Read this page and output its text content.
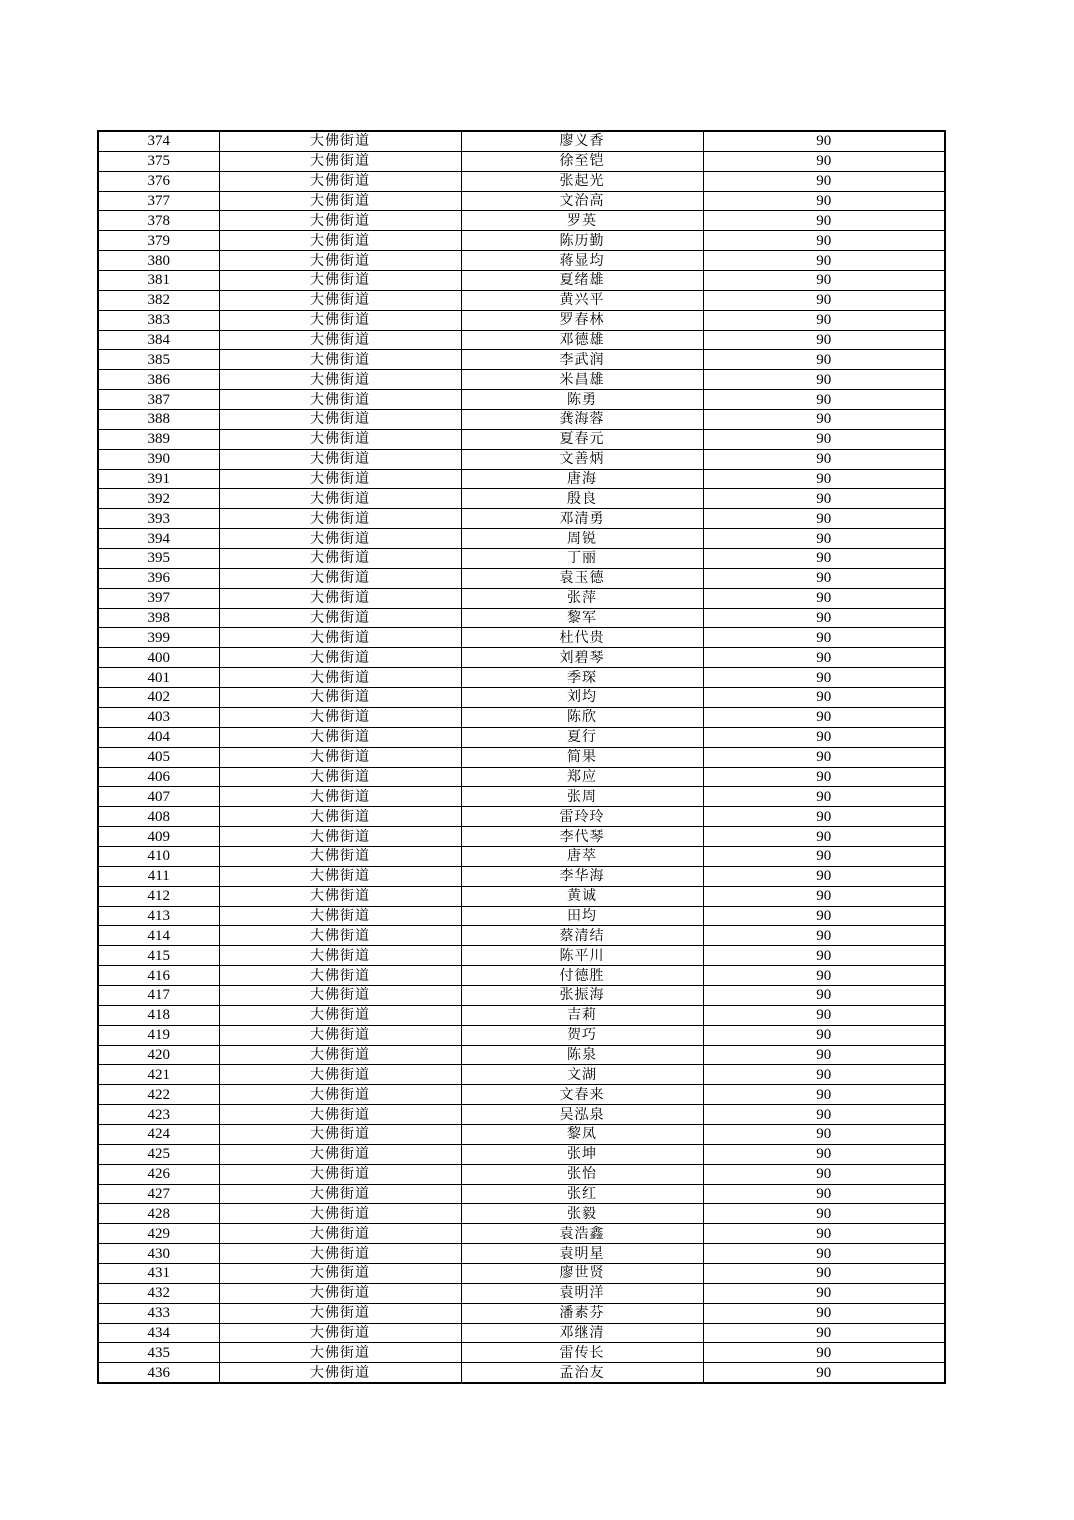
374	大佛街道	廖义香	90
375	大佛街道	徐至铠	90
376	大佛街道	张起光	90
377	大佛街道	文治高	90
378	大佛街道	罗英	90
379	大佛街道	陈历勤	90
380	大佛街道	蒋显均	90
381	大佛街道	夏绪雄	90
382	大佛街道	黄兴平	90
383	大佛街道	罗春林	90
384	大佛街道	邓德雄	90
385	大佛街道	李武润	90
386	大佛街道	米昌雄	90
387	大佛街道	陈勇	90
388	大佛街道	龚海蓉	90
389	大佛街道	夏春元	90
390	大佛街道	文善炳	90
391	大佛街道	唐海	90
392	大佛街道	殷良	90
393	大佛街道	邓清勇	90
394	大佛街道	周锐	90
395	大佛街道	丁丽	90
396	大佛街道	袁玉德	90
397	大佛街道	张萍	90
398	大佛街道	黎军	90
399	大佛街道	杜代贵	90
400	大佛街道	刘碧琴	90
401	大佛街道	季琛	90
402	大佛街道	刘均	90
403	大佛街道	陈欣	90
404	大佛街道	夏行	90
405	大佛街道	简果	90
406	大佛街道	郑应	90
407	大佛街道	张周	90
408	大佛街道	雷玲玲	90
409	大佛街道	李代琴	90
410	大佛街道	唐萃	90
411	大佛街道	李华海	90
412	大佛街道	黄诚	90
413	大佛街道	田均	90
414	大佛街道	蔡清结	90
415	大佛街道	陈平川	90
416	大佛街道	付德胜	90
417	大佛街道	张振海	90
418	大佛街道	吉莉	90
419	大佛街道	贺巧	90
420	大佛街道	陈泉	90
421	大佛街道	文湖	90
422	大佛街道	文春来	90
423	大佛街道	吴泓泉	90
424	大佛街道	黎凤	90
425	大佛街道	张坤	90
426	大佛街道	张怡	90
427	大佛街道	张红	90
428	大佛街道	张毅	90
429	大佛街道	袁浩鑫	90
430	大佛街道	袁明星	90
431	大佛街道	廖世贤	90
432	大佛街道	袁明洋	90
433	大佛街道	潘素芬	90
434	大佛街道	邓继清	90
435	大佛街道	雷传长	90
436	大佛街道	孟治友	90
